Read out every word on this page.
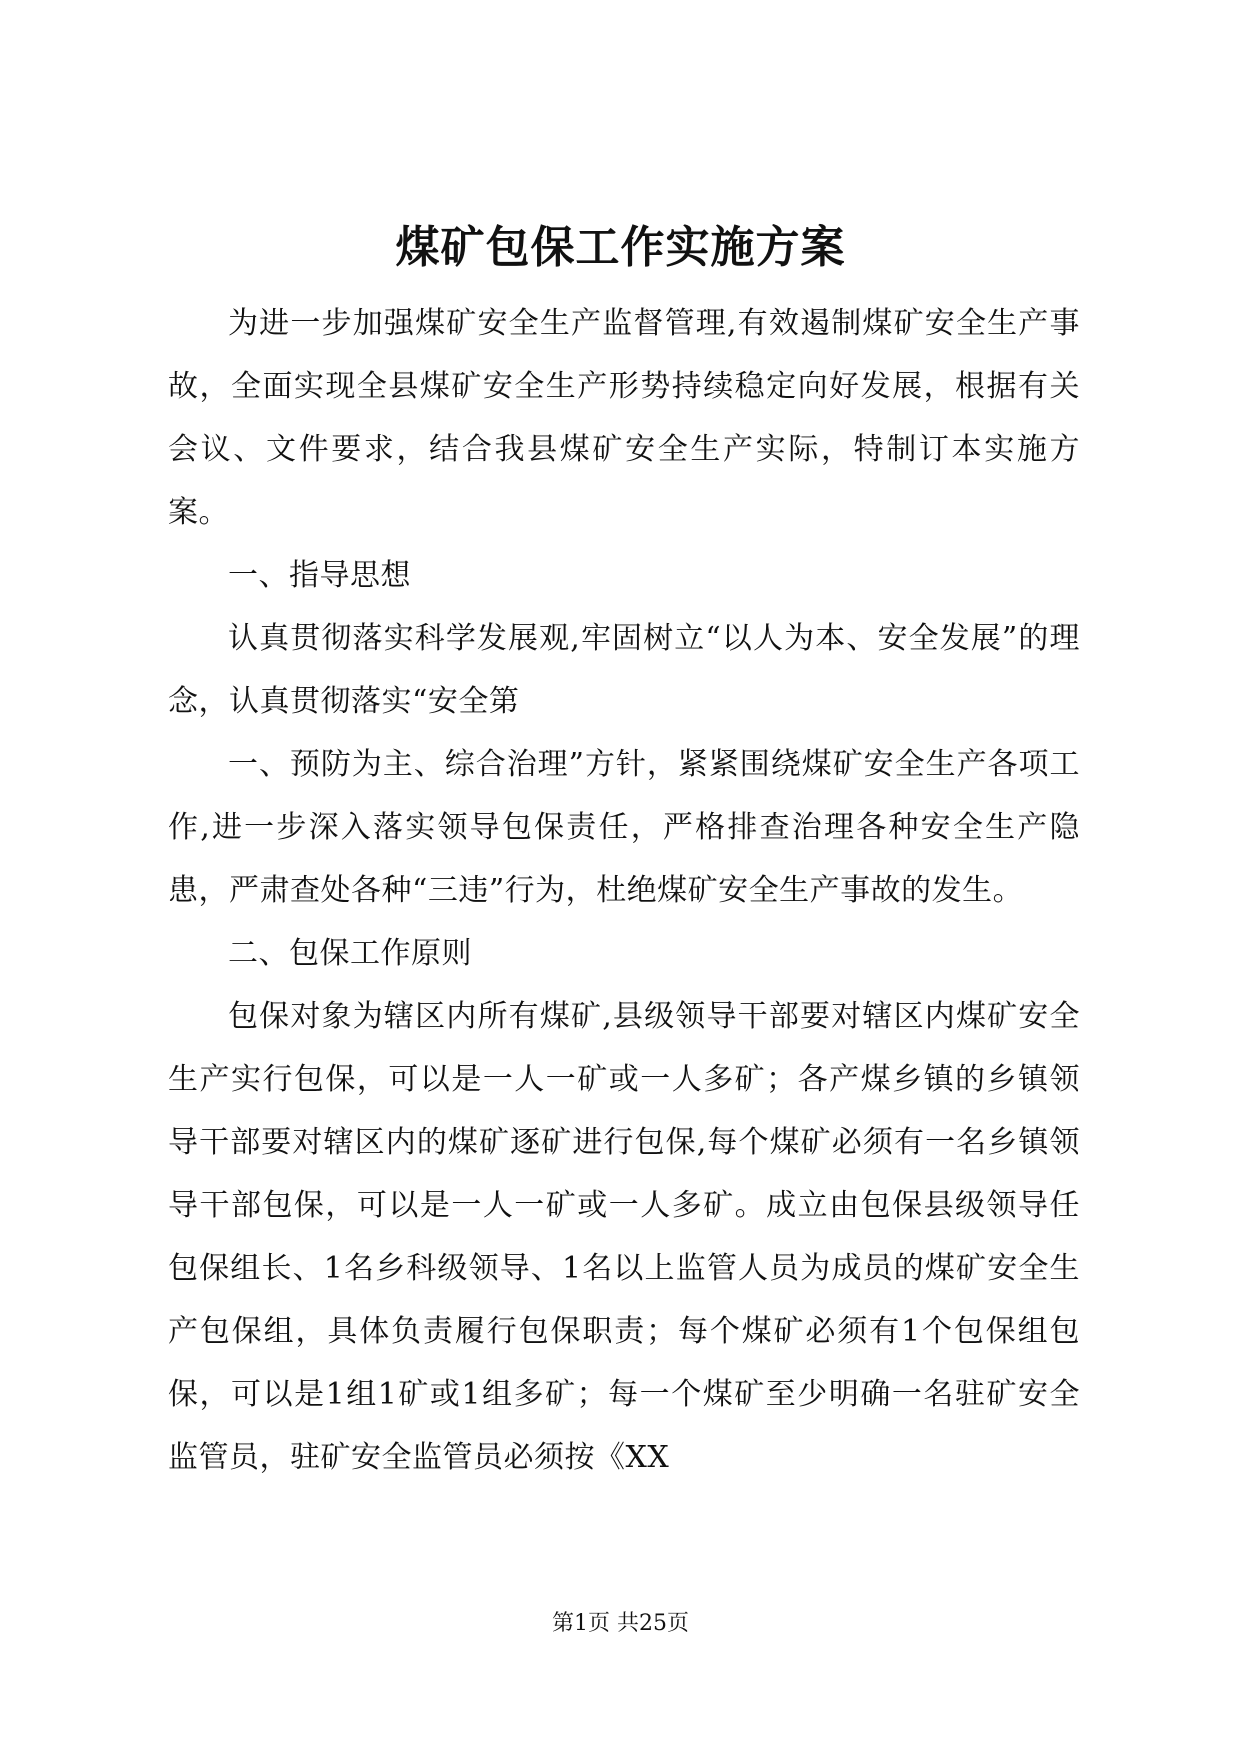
煤矿包保工作实施方案

为进一步加强煤矿安全生产监督管理,有效遏制煤矿安全生产事故，全面实现全县煤矿安全生产形势持续稳定向好发展，根据有关会议、文件要求，结合我县煤矿安全生产实际，特制订本实施方案。

一、指导思想

认真贯彻落实科学发展观,牢固树立“以人为本、安全发展”的理念，认真贯彻落实“安全第

一、预防为主、综合治理”方针，紧紧围绕煤矿安全生产各项工作,进一步深入落实领导包保责任，严格排查治理各种安全生产隐患，严肃查处各种“三违”行为，杜绝煤矿安全生产事故的发生。

二、包保工作原则

包保对象为辖区内所有煤矿,县级领导干部要对辖区内煤矿安全生产实行包保，可以是一人一矿或一人多矿；各产煤乡镇的乡镇领导干部要对辖区内的煤矿逐矿进行包保,每个煤矿必须有一名乡镇领导干部包保，可以是一人一矿或一人多矿。成立由包保县级领导任包保组长、1名乡科级领导、1名以上监管人员为成员的煤矿安全生产包保组，具体负责履行包保职责；每个煤矿必须有1个包保组包保，可以是1组1矿或1组多矿；每一个煤矿至少明确一名驻矿安全监管员，驻矿安全监管员必须按《XX

第1页 共25页
